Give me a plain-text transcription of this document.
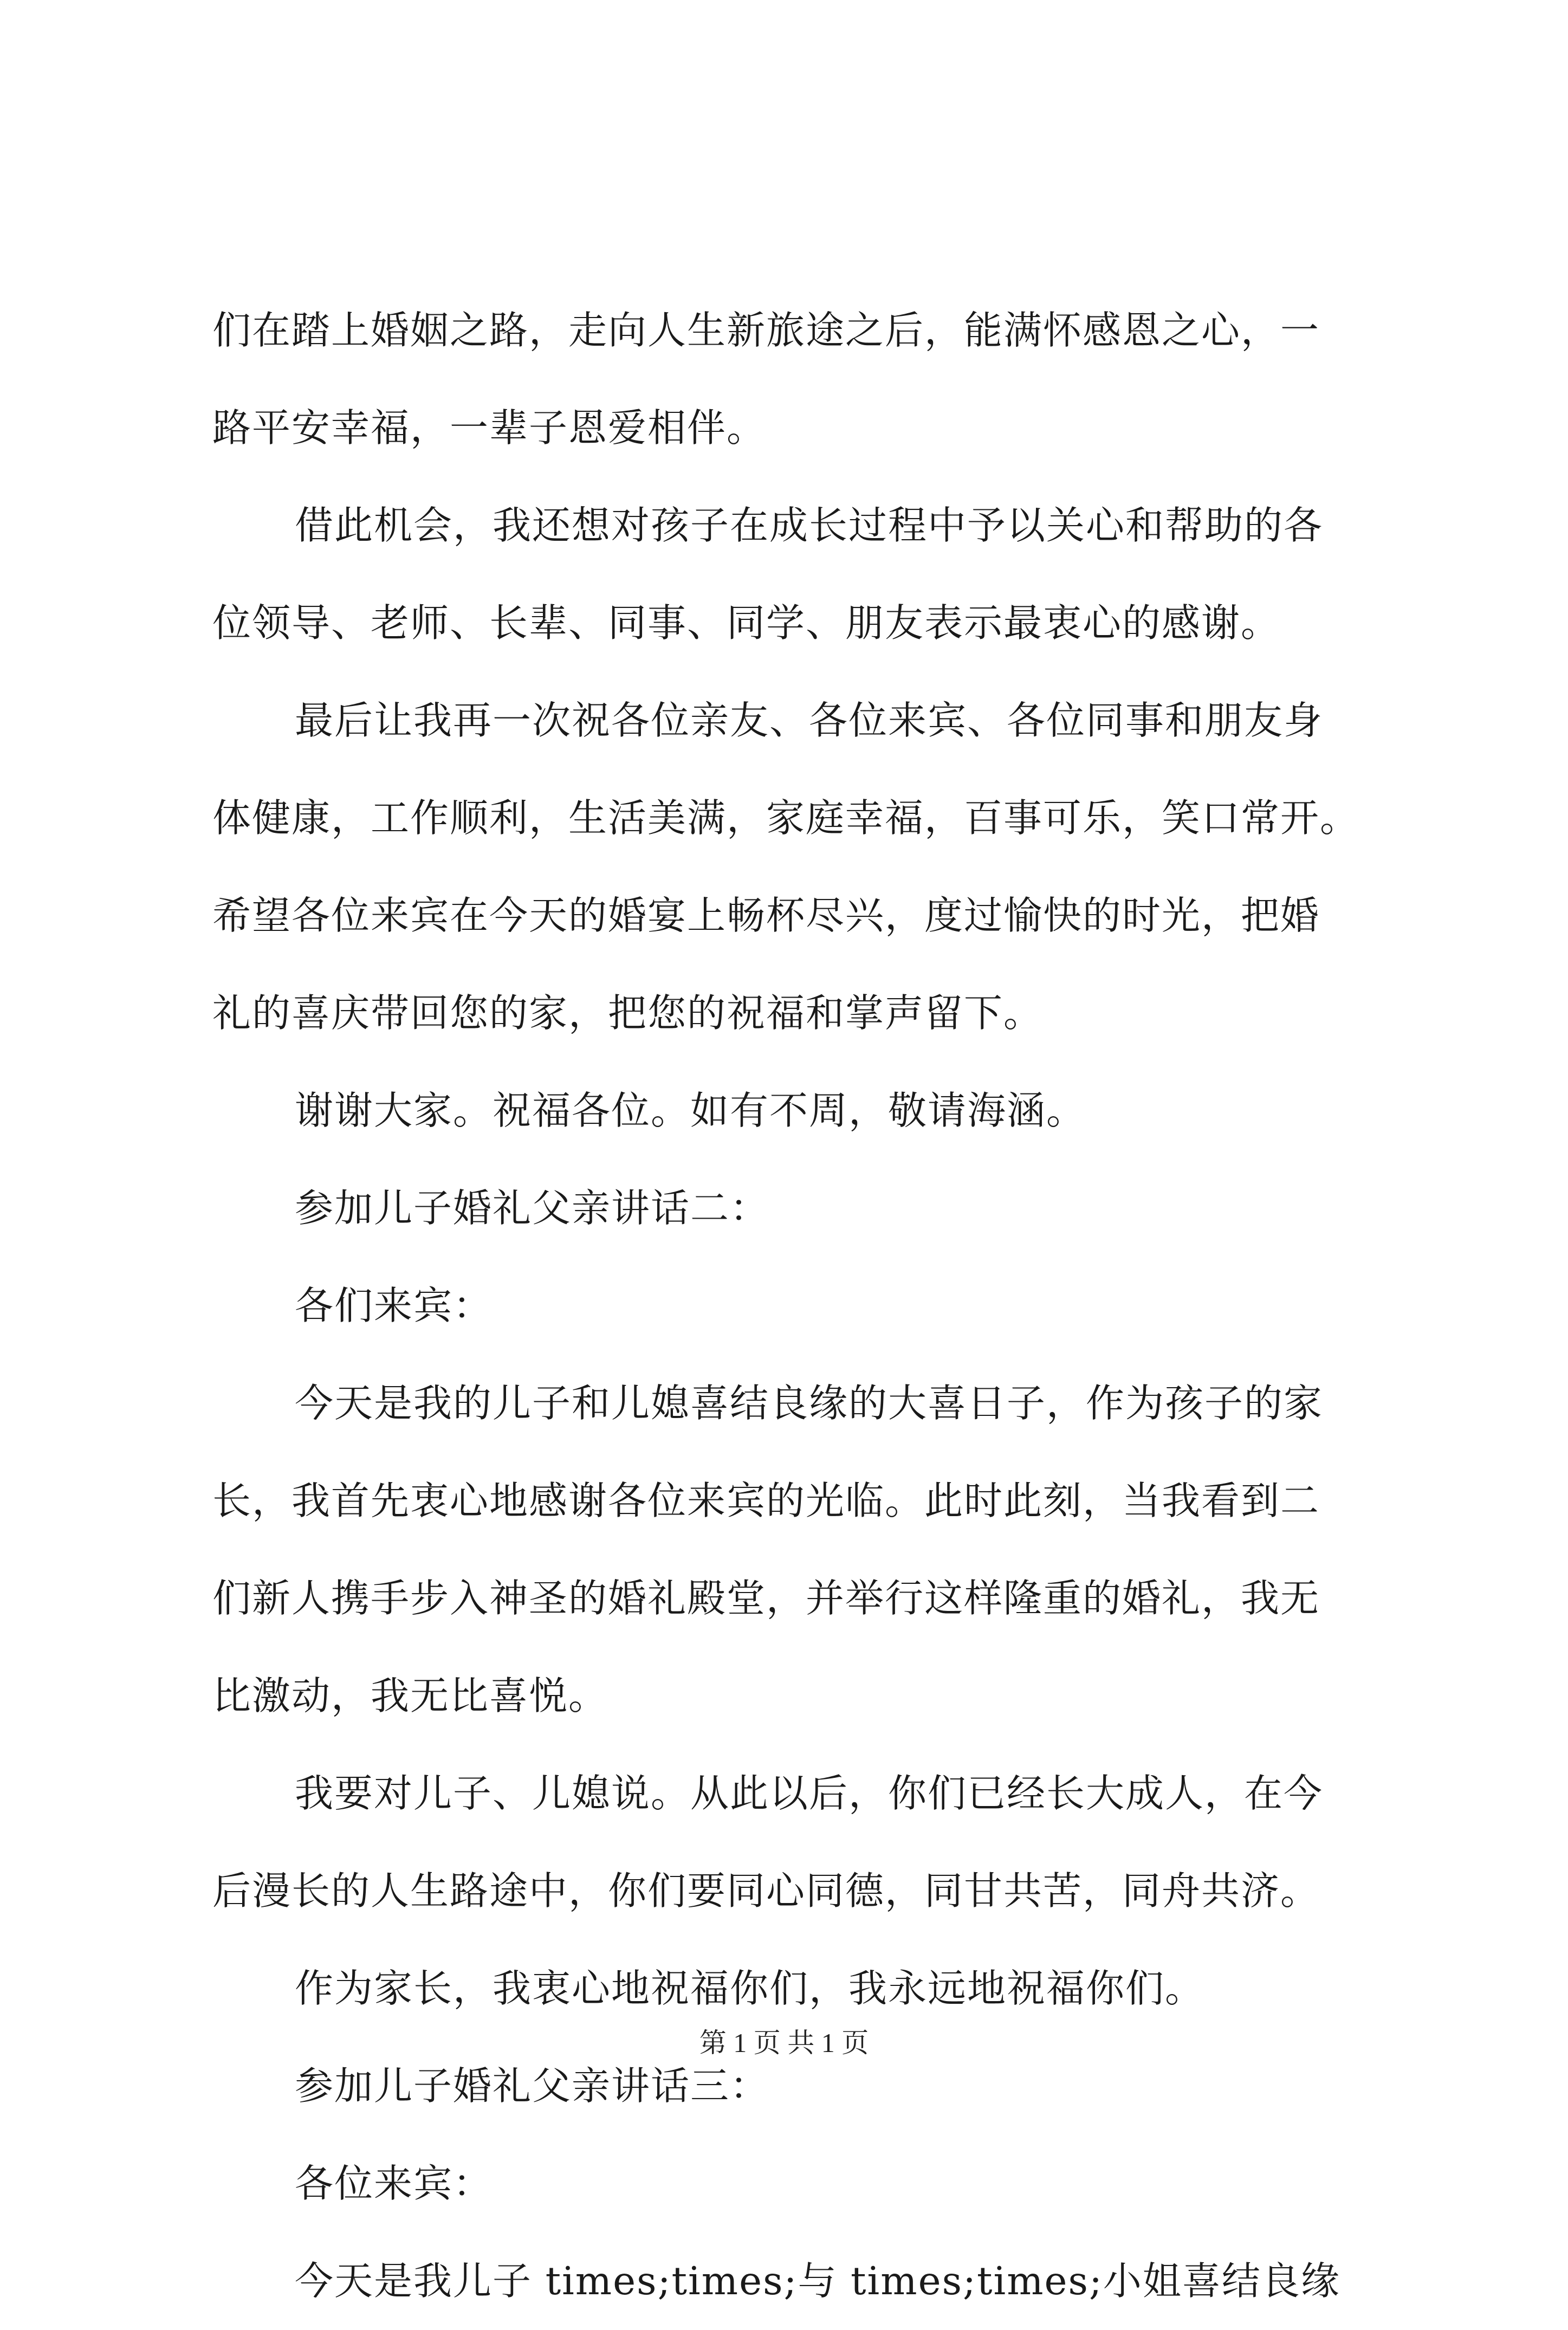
们在踏上婚姻之路，走向人生新旅途之后，能满怀感恩之心，一
路平安幸福，一辈子恩爱相伴。
借此机会，我还想对孩子在成长过程中予以关心和帮助的各
位领导、老师、长辈、同事、同学、朋友表示最衷心的感谢。
最后让我再一次祝各位亲友、各位来宾、各位同事和朋友身
体健康，工作顺利，生活美满，家庭幸福，百事可乐，笑口常开。
希望各位来宾在今天的婚宴上畅杯尽兴，度过愉快的时光，把婚
礼的喜庆带回您的家，把您的祝福和掌声留下。
谢谢大家。祝福各位。如有不周，敬请海涵。
参加儿子婚礼父亲讲话二：
各们来宾：
今天是我的儿子和儿媳喜结良缘的大喜日子，作为孩子的家
长，我首先衷心地感谢各位来宾的光临。此时此刻，当我看到二
们新人携手步入神圣的婚礼殿堂，并举行这样隆重的婚礼，我无
比激动，我无比喜悦。
我要对儿子、儿媳说。从此以后，你们已经长大成人，在今
后漫长的人生路途中，你们要同心同德，同甘共苦，同舟共济。
作为家长，我衷心地祝福你们，我永远地祝福你们。
参加儿子婚礼父亲讲话三：
各位来宾：
今天是我儿子 times;times;与 times;times;小姐喜结良缘
第 1 页 共 1 页
